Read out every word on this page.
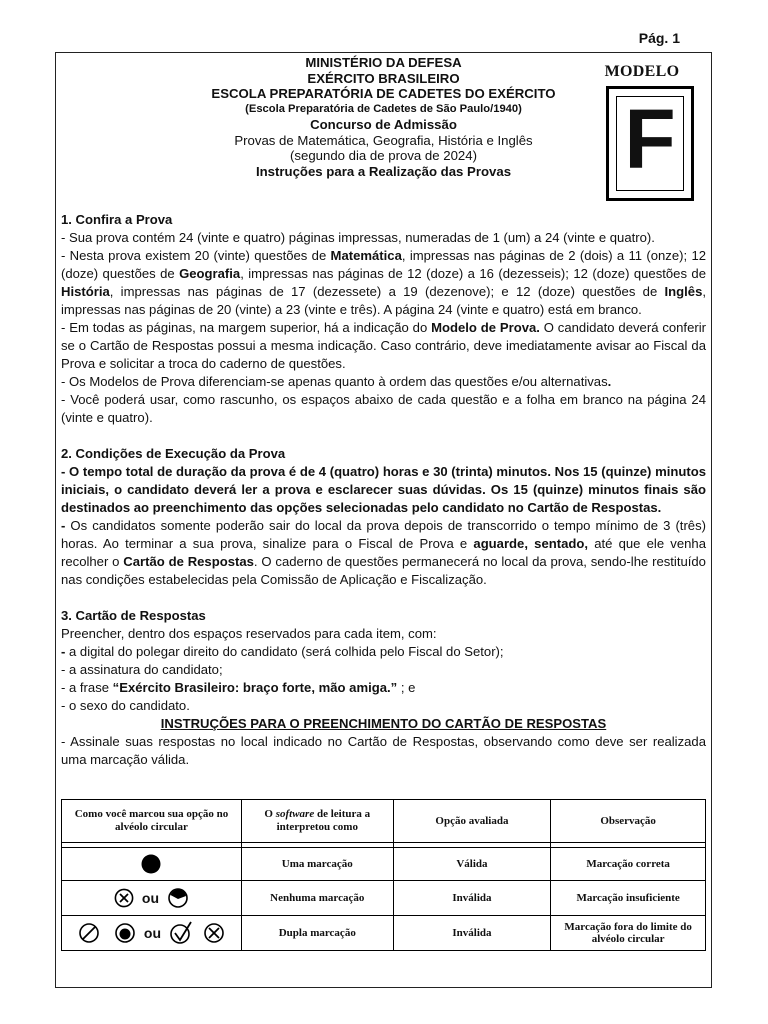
Pág. 1
MINISTÉRIO DA DEFESA
EXÉRCITO BRASILEIRO
ESCOLA PREPARATÓRIA DE CADETES DO EXÉRCITO
(Escola Preparatória de Cadetes de São Paulo/1940)
Concurso de Admissão
Provas de Matemática, Geografia, História e Inglês
(segundo dia de prova de 2024)
Instruções para a Realização das Provas
MODELO
F

1. Confira a Prova

- Sua prova contém 24 (vinte e quatro) páginas impressas, numeradas de 1 (um) a 24 (vinte e quatro).

- Nesta prova existem 20 (vinte) questões de Matemática, impressas nas páginas de 2 (dois) a 11 (onze); 12 (doze) questões de Geografia, impressas nas páginas de 12 (doze) a 16 (dezesseis); 12 (doze) questões de História, impressas nas páginas de 17 (dezessete) a 19 (dezenove); e 12 (doze) questões de Inglês, impressas nas páginas de 20 (vinte) a 23 (vinte e três). A página 24 (vinte e quatro) está em branco.

- Em todas as páginas, na margem superior, há a indicação do Modelo de Prova. O candidato deverá conferir se o Cartão de Respostas possui a mesma indicação. Caso contrário, deve imediatamente avisar ao Fiscal da Prova e solicitar a troca do caderno de questões.

- Os Modelos de Prova diferenciam-se apenas quanto à ordem das questões e/ou alternativas.

- Você poderá usar, como rascunho, os espaços abaixo de cada questão e a folha em branco na página 24 (vinte e quatro).

2. Condições de Execução da Prova

- O tempo total de duração da prova é de 4 (quatro) horas e 30 (trinta) minutos. Nos 15 (quinze) minutos iniciais, o candidato deverá ler a prova e esclarecer suas dúvidas. Os 15 (quinze) minutos finais são destinados ao preenchimento das opções selecionadas pelo candidato no Cartão de Respostas.

- Os candidatos somente poderão sair do local da prova depois de transcorrido o tempo mínimo de 3 (três) horas. Ao terminar a sua prova, sinalize para o Fiscal de Prova e aguarde, sentado, até que ele venha recolher o Cartão de Respostas. O caderno de questões permanecerá no local da prova, sendo-lhe restituído nas condições estabelecidas pela Comissão de Aplicação e Fiscalização.

3. Cartão de Respostas

Preencher, dentro dos espaços reservados para cada item, com:

- a digital do polegar direito do candidato (será colhida pelo Fiscal do Setor);

- a assinatura do candidato;

- a frase “Exército Brasileiro: braço forte, mão amiga.” ; e

- o sexo do candidato.

INSTRUÇÕES PARA O PREENCHIMENTO DO CARTÃO DE RESPOSTAS

- Assinale suas respostas no local indicado no Cartão de Respostas, observando como deve ser realizada uma marcação válida.

Como você marcou sua opção no alvéolo circular	O software de leitura a interpretou como	Opção avaliada	Observação

	Uma marcação	Válida	Marcação correta

ou	Nenhuma marcação	Inválida	Marcação insuficiente

ou	Dupla marcação	Inválida	Marcação fora do limite do alvéolo circular
